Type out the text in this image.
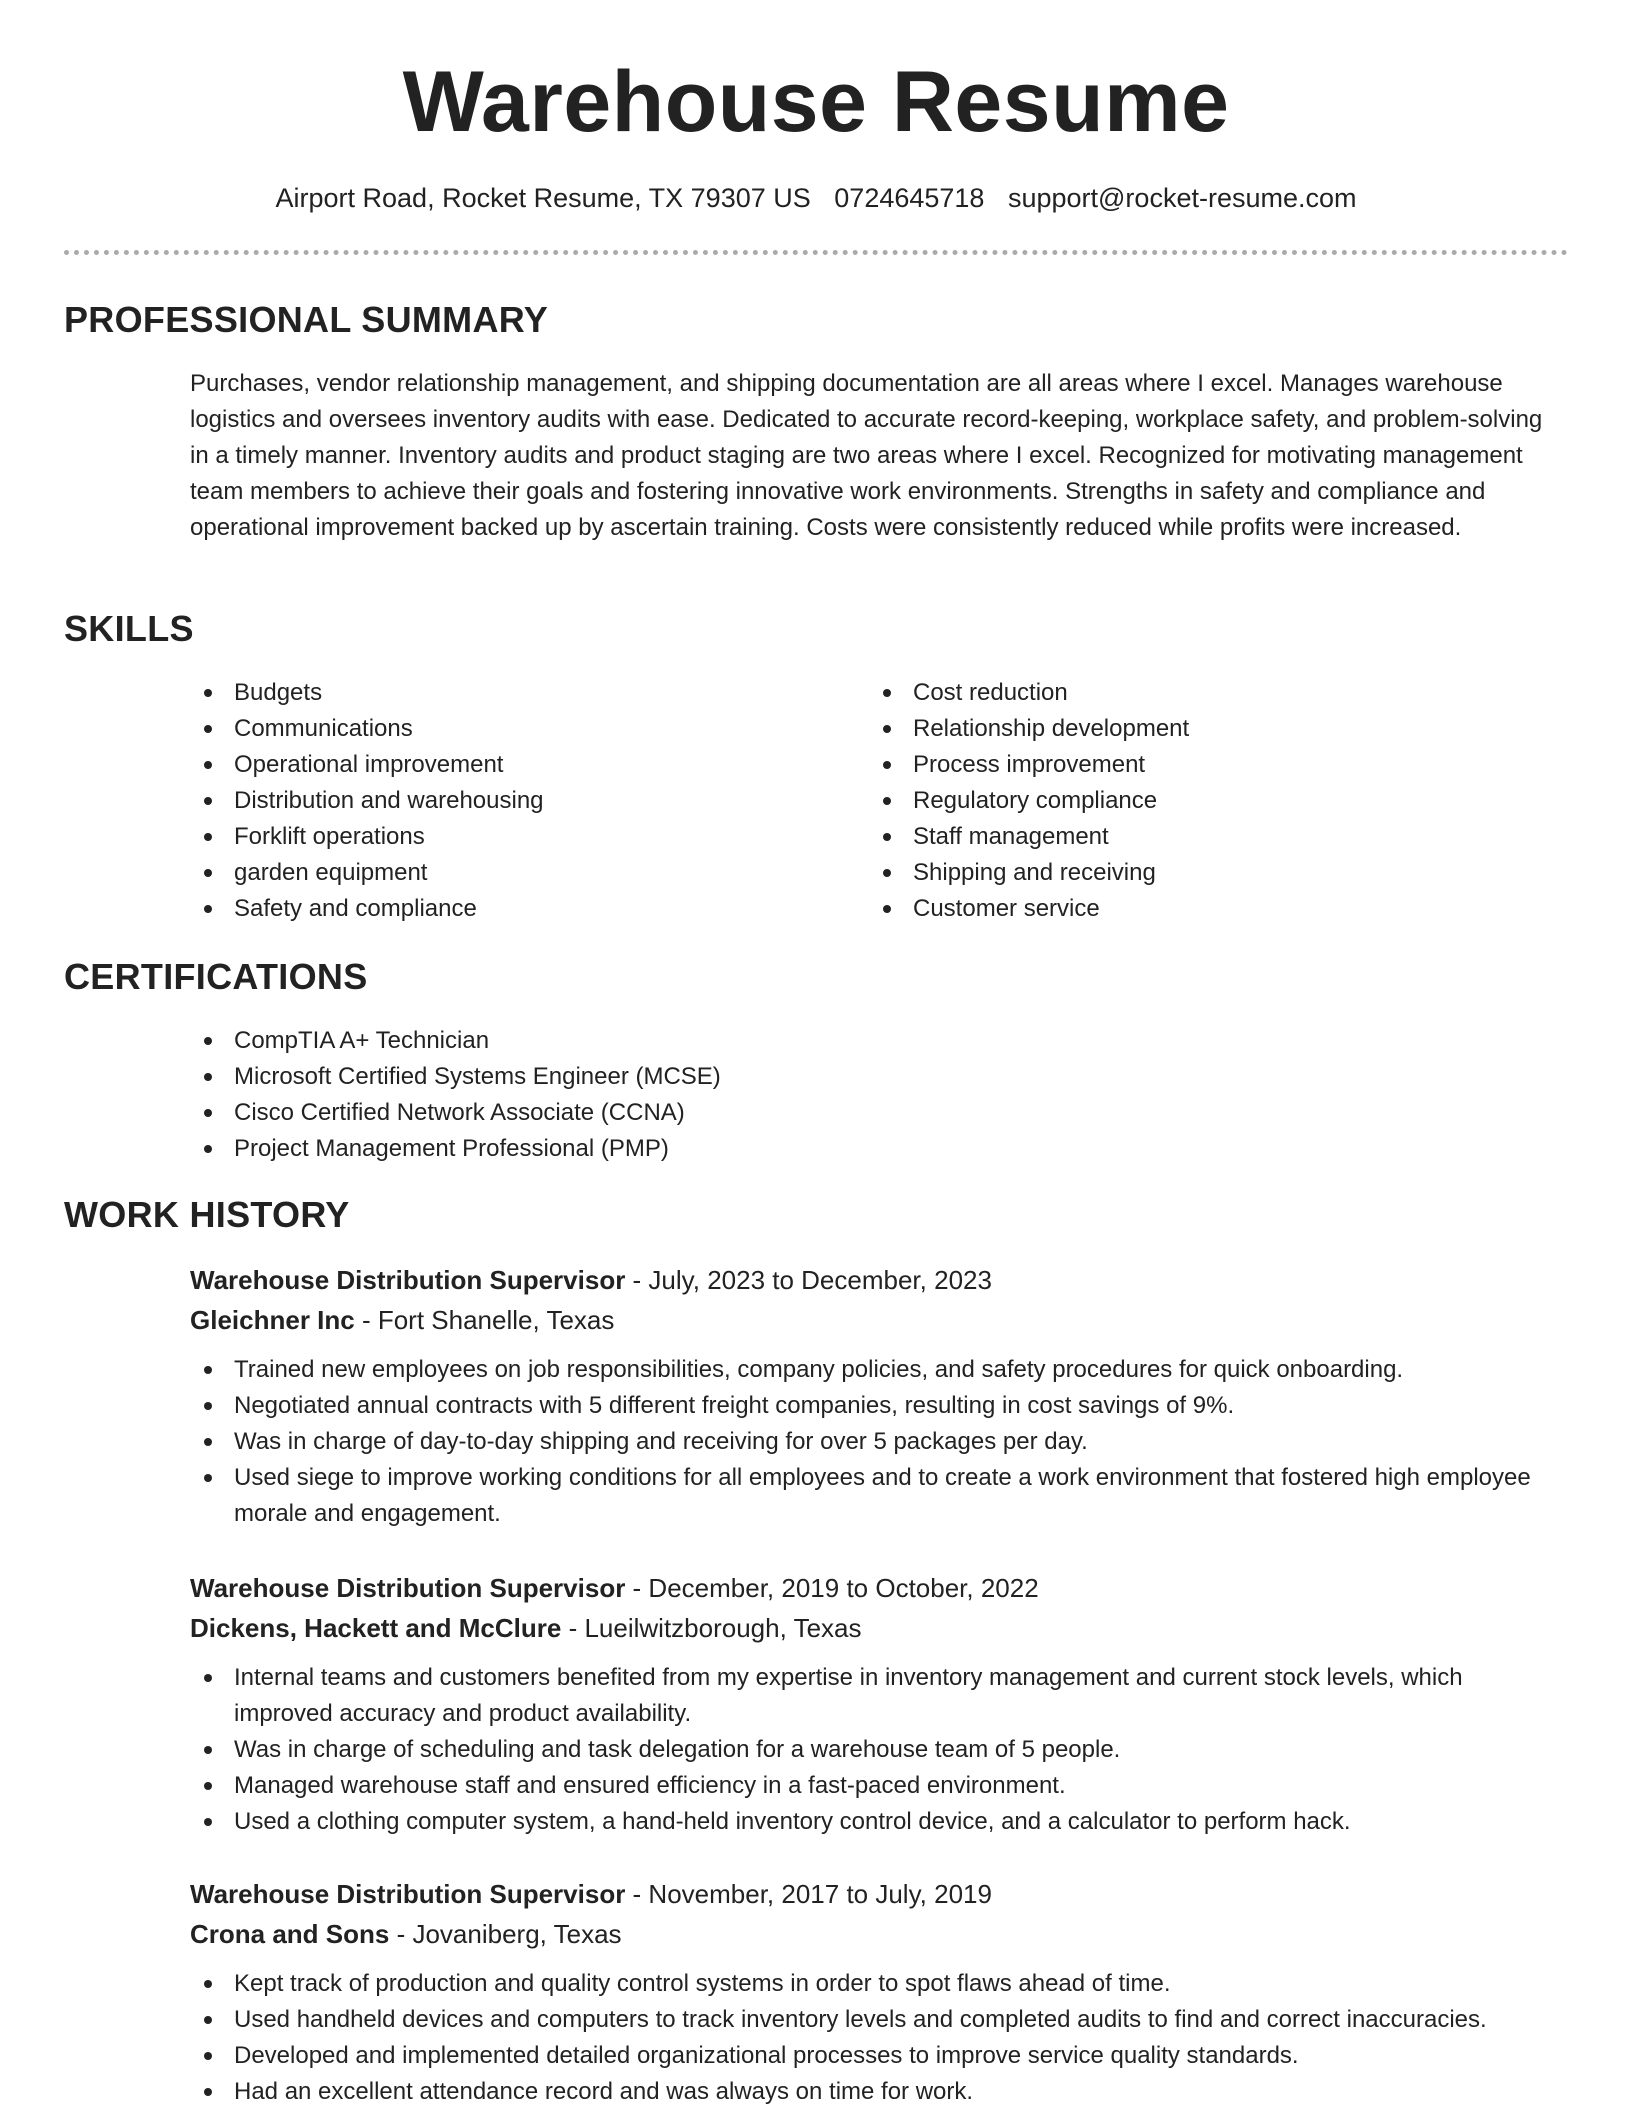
Warehouse Resume
Airport Road, Rocket Resume, TX 79307 US 0724645718 support@rocket-resume.com
PROFESSIONAL SUMMARY

Purchases, vendor relationship management, and shipping documentation are all areas where I excel. Manages warehouse logistics and oversees inventory audits with ease. Dedicated to accurate record-keeping, workplace safety, and problem-solving in a timely manner. Inventory audits and product staging are two areas where I excel. Recognized for motivating management team members to achieve their goals and fostering innovative work environments. Strengths in safety and compliance and operational improvement backed up by ascertain training. Costs were consistently reduced while profits were increased.

SKILLS
Budgets
Communications
Operational improvement
Distribution and warehousing
Forklift operations
garden equipment
Safety and compliance
Cost reduction
Relationship development
Process improvement
Regulatory compliance
Staff management
Shipping and receiving
Customer service
CERTIFICATIONS
CompTIA A+ Technician
Microsoft Certified Systems Engineer (MCSE)
Cisco Certified Network Associate (CCNA)
Project Management Professional (PMP)
WORK HISTORY
Warehouse Distribution Supervisor - July, 2023 to December, 2023
Gleichner Inc - Fort Shanelle, Texas
Trained new employees on job responsibilities, company policies, and safety procedures for quick onboarding.
Negotiated annual contracts with 5 different freight companies, resulting in cost savings of 9%.
Was in charge of day-to-day shipping and receiving for over 5 packages per day.
Used siege to improve working conditions for all employees and to create a work environment that fostered high employee morale and engagement.
Warehouse Distribution Supervisor - December, 2019 to October, 2022
Dickens, Hackett and McClure - Lueilwitzborough, Texas
Internal teams and customers benefited from my expertise in inventory management and current stock levels, which improved accuracy and product availability.
Was in charge of scheduling and task delegation for a warehouse team of 5 people.
Managed warehouse staff and ensured efficiency in a fast-paced environment.
Used a clothing computer system, a hand-held inventory control device, and a calculator to perform hack.
Warehouse Distribution Supervisor - November, 2017 to July, 2019
Crona and Sons - Jovaniberg, Texas
Kept track of production and quality control systems in order to spot flaws ahead of time.
Used handheld devices and computers to track inventory levels and completed audits to find and correct inaccuracies.
Developed and implemented detailed organizational processes to improve service quality standards.
Had an excellent attendance record and was always on time for work.
